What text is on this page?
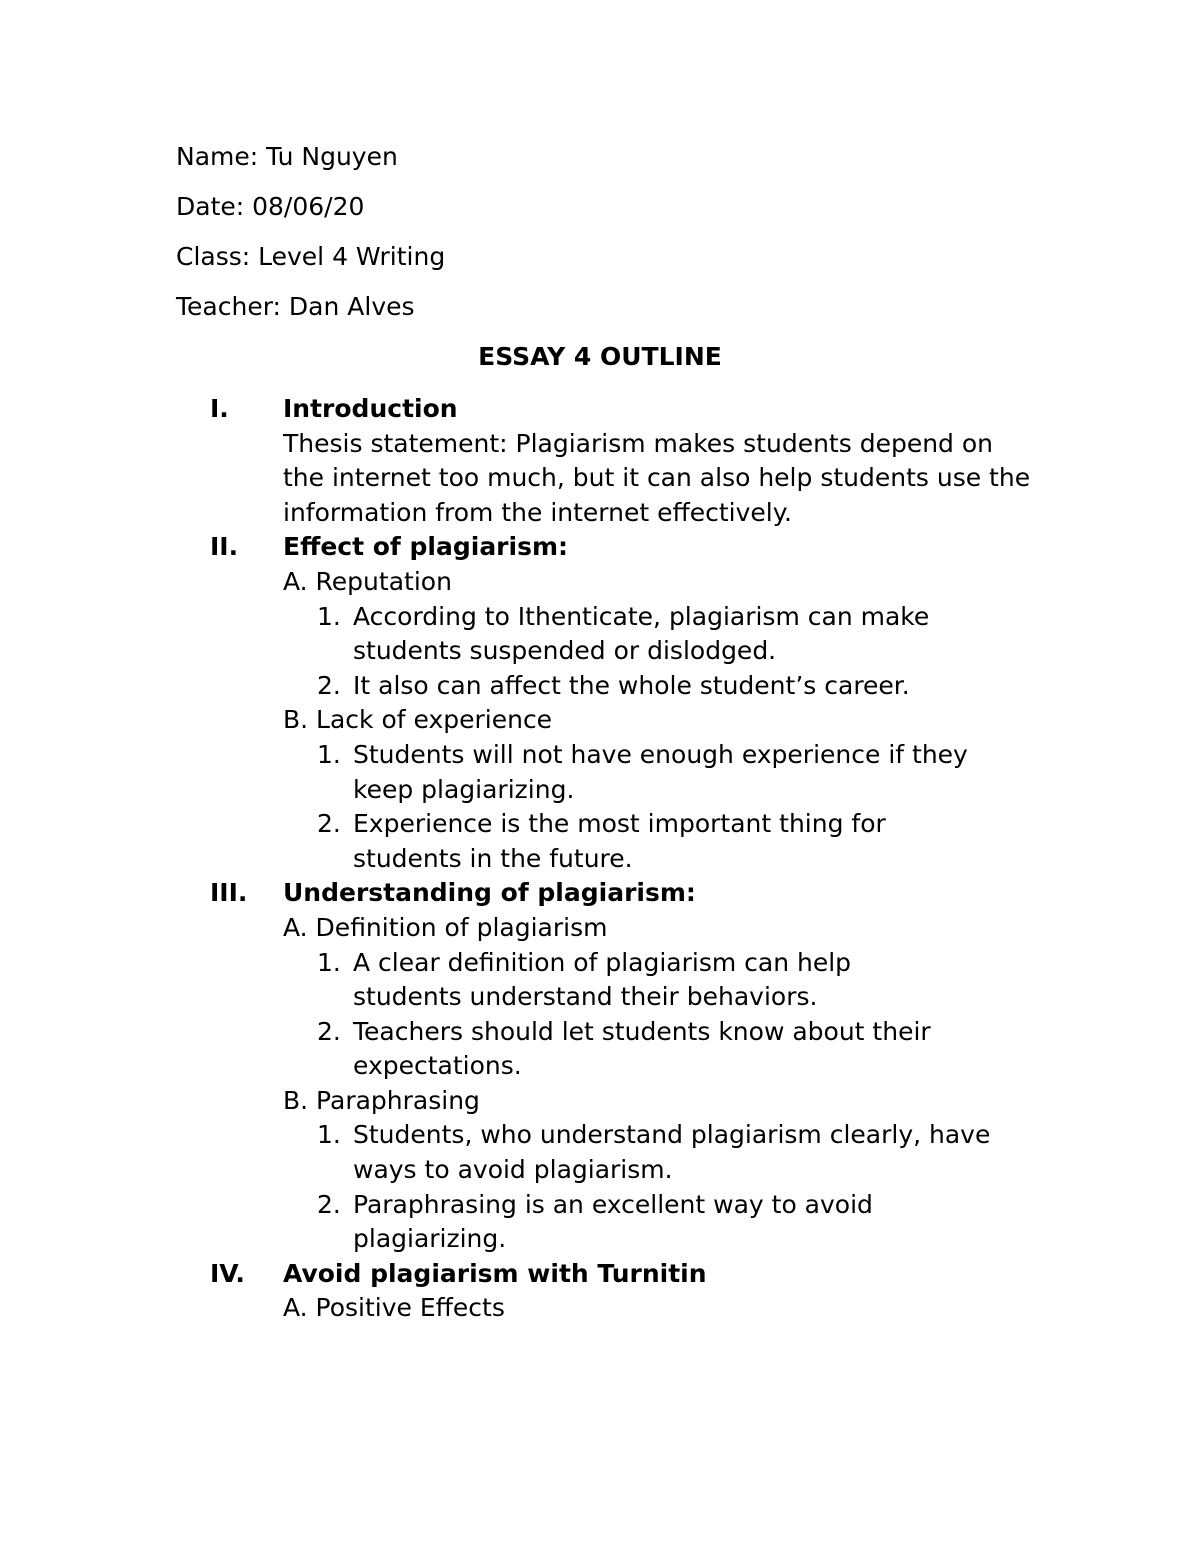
Name: Tu Nguyen

Date: 08/06/20

Class: Level 4 Writing

Teacher: Dan Alves

ESSAY 4 OUTLINE

I. Introduction

Thesis statement: Plagiarism makes students depend on the internet too much, but it can also help students use the information from the internet effectively.

II. Effect of plagiarism:

A. Reputation

1. According to Ithenticate, plagiarism can make students suspended or dislodged.
2. It also can affect the whole student’s career.

B. Lack of experience

1. Students will not have enough experience if they keep plagiarizing.
2. Experience is the most important thing for students in the future.
III. Understanding of plagiarism:

A. Definition of plagiarism

1. A clear definition of plagiarism can help students understand their behaviors.
2. Teachers should let students know about their expectations.

B. Paraphrasing

1. Students, who understand plagiarism clearly, have ways to avoid plagiarism.
2. Paraphrasing is an excellent way to avoid plagiarizing.
IV. Avoid plagiarism with Turnitin

A. Positive Effects
